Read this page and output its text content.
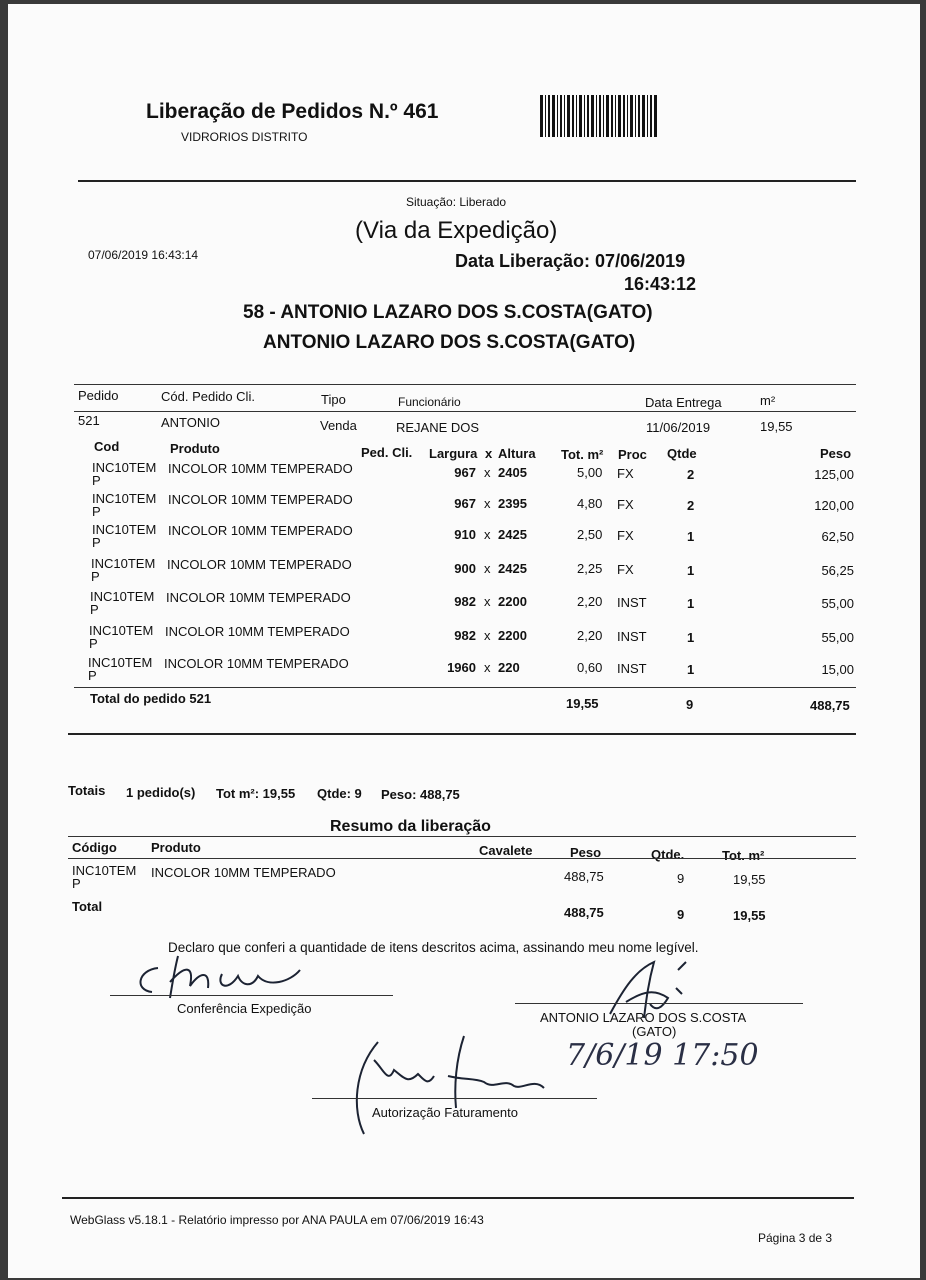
Liberação de Pedidos N.º 461
VIDRORIOS DISTRITO
Situação: Liberado
(Via da Expedição)
07/06/2019 16:43:14	Data Liberação: 07/06/2019
16:43:12
58 - ANTONIO LAZARO DOS S.COSTA(GATO)
ANTONIO LAZARO DOS S.COSTA(GATO)
Pedido	Cód. Pedido Cli.	Tipo	Funcionário	Data Entrega	m²
521	ANTONIO	Venda	REJANE DOS	11/06/2019	19,55
Cod	Produto	Ped. Cli. Largura x Altura Tot. m² Proc Qtde	Peso
INC10TEM
P
INCOLOR 10MM TEMPERADO	967 x 2405	5,00 FX	2	125,00
INC10TEM
P
INCOLOR 10MM TEMPERADO	967 x 2395	4,80 FX	2	120,00
INC10TEM
P
INCOLOR 10MM TEMPERADO	910 x 2425	2,50 FX	1	62,50
INC10TEM
P
INCOLOR 10MM TEMPERADO	900 x 2425	2,25 FX	1	56,25
INC10TEM
P
INCOLOR 10MM TEMPERADO	982 x 2200	2,20 INST	1	55,00
INC10TEM
P
INCOLOR 10MM TEMPERADO	982 x 2200	2,20 INST	1	55,00
INC10TEM
P
INCOLOR 10MM TEMPERADO	1960 x 220	0,60 INST	1	15,00
Total do pedido 521	19,55	9	488,75
Totais 1 pedido(s) Tot m²: 19,55 Qtde: 9 Peso: 488,75
Resumo da liberação
Código	Produto	Cavalete	Peso	Qtde.	Tot. m²
INC10TEM
P
INCOLOR 10MM TEMPERADO	488,75	9	19,55
Total	488,75	9	19,55
Declaro que conferi a quantidade de itens descritos acima, assinando meu nome legível.
Conferência Expedição
ANTONIO LAZARO DOS S.COSTA
(GATO)
7/6/19 17:50
Autorização Faturamento
WebGlass v5.18.1 - Relatório impresso por ANA PAULA em 07/06/2019 16:43
Página 3 de 3
